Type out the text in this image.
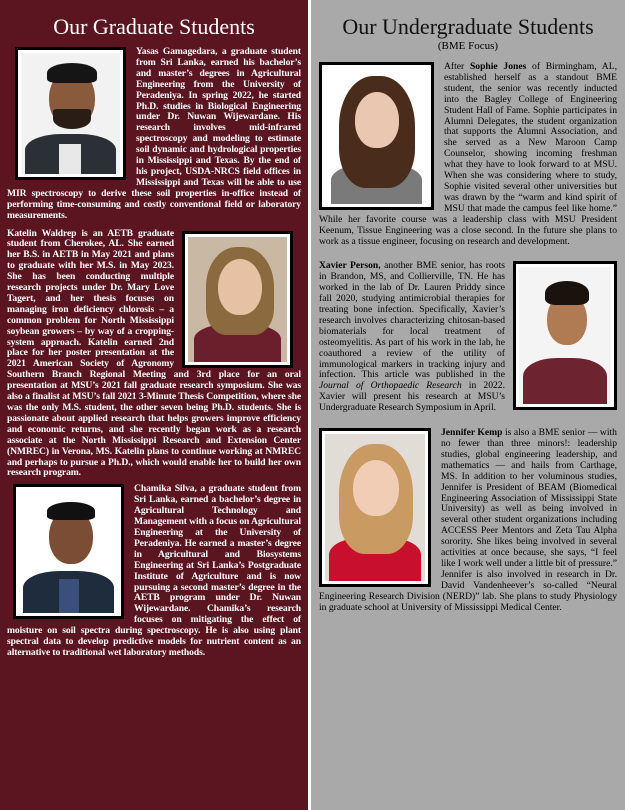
Our Graduate Students

Yasas Gamagedara, a graduate student from Sri Lanka, earned his bachelor’s and master’s degrees in Agricultural Engineering from the University of Peradeniya. In spring 2022, he started Ph.D. studies in Biological Engineering under Dr. Nuwan Wijewardane. His research involves mid-infrared spectroscopy and modeling to estimate soil dynamic and hydrological properties in Mississippi and Texas. By the end of his project, USDA-NRCS field offices in Mississippi and Texas will be able to use MIR spectroscopy to derive these soil properties in-office instead of performing time-consuming and costly conventional field or laboratory measurements.

Katelin Waldrep is an AETB graduate student from Cherokee, AL. She earned her B.S. in AETB in May 2021 and plans to graduate with her M.S. in May 2023. She has been conducting multiple research projects under Dr. Mary Love Tagert, and her thesis focuses on managing iron deficiency chlorosis – a common problem for North Mississippi soybean growers – by way of a cropping-system approach. Katelin earned 2nd place for her poster presentation at the 2021 American Society of Agronomy Southern Branch Regional Meeting and 3rd place for an oral presentation at MSU’s 2021 fall graduate research symposium. She was also a finalist at MSU’s fall 2021 3-Minute Thesis Competition, where she was the only M.S. student, the other seven being Ph.D. students. She is passionate about applied research that helps growers improve efficiency and economic returns, and she recently began work as a research associate at the North Mississippi Research and Extension Center (NMREC) in Verona, MS. Katelin plans to continue working at NMREC and perhaps to pursue a Ph.D., which would enable her to build her own research program.

Chamika Silva, a graduate student from Sri Lanka, earned a bachelor’s degree in Agricultural Technology and Management with a focus on Agricultural Engineering at the University of Peradeniya. He earned a master’s degree in Agricultural and Biosystems Engineering at Sri Lanka’s Postgraduate Institute of Agriculture and is now pursuing a second master’s degree in the AETB program under Dr. Nuwan Wijewardane. Chamika’s research focuses on mitigating the effect of moisture on soil spectra during spectroscopy. He is also using plant spectral data to develop predictive models for nutrient content as an alternative to traditional wet laboratory methods.

Our Undergraduate Students
(BME Focus)

After Sophie Jones of Birmingham, AL, established herself as a standout BME student, the senior was recently inducted into the Bagley College of Engineering Student Hall of Fame. Sophie participates in Alumni Delegates, the student organization that supports the Alumni Association, and she served as a New Maroon Camp Counselor, showing incoming freshman what they have to look forward to at MSU. When she was considering where to study, Sophie visited several other universities but was drawn by the “warm and kind spirit of MSU that made the campus feel like home.” While her favorite course was a leadership class with MSU President Keenum, Tissue Engineering was a close second. In the future she plans to work as a tissue engineer, focusing on research and development.

Xavier Person, another BME senior, has roots in Brandon, MS, and Collierville, TN. He has worked in the lab of Dr. Lauren Priddy since fall 2020, studying antimicrobial therapies for treating bone infection. Specifically, Xavier’s research involves characterizing chitosan-based biomaterials for local treatment of osteomyelitis. As part of his work in the lab, he coauthored a review of the utility of immunological markers in tracking injury and infection. This article was published in the Journal of Orthopaedic Research in 2022. Xavier will present his research at MSU’s Undergraduate Research Symposium in April.

Jennifer Kemp is also a BME senior — with no fewer than three minors!: leadership studies, global engineering leadership, and mathematics — and hails from Carthage, MS. In addition to her voluminous studies, Jennifer is President of BEAM (Biomedical Engineering Association of Mississippi State University) as well as being involved in several other student organizations including ACCESS Peer Mentors and Zeta Tau Alpha sorority. She likes being involved in several activities at once because, she says, “I feel like I work well under a little bit of pressure.” Jennifer is also involved in research in Dr. David Vandenheever’s so-called “Neural Engineering Research Division (NERD)” lab. She plans to study Physiology in graduate school at University of Mississippi Medical Center.
